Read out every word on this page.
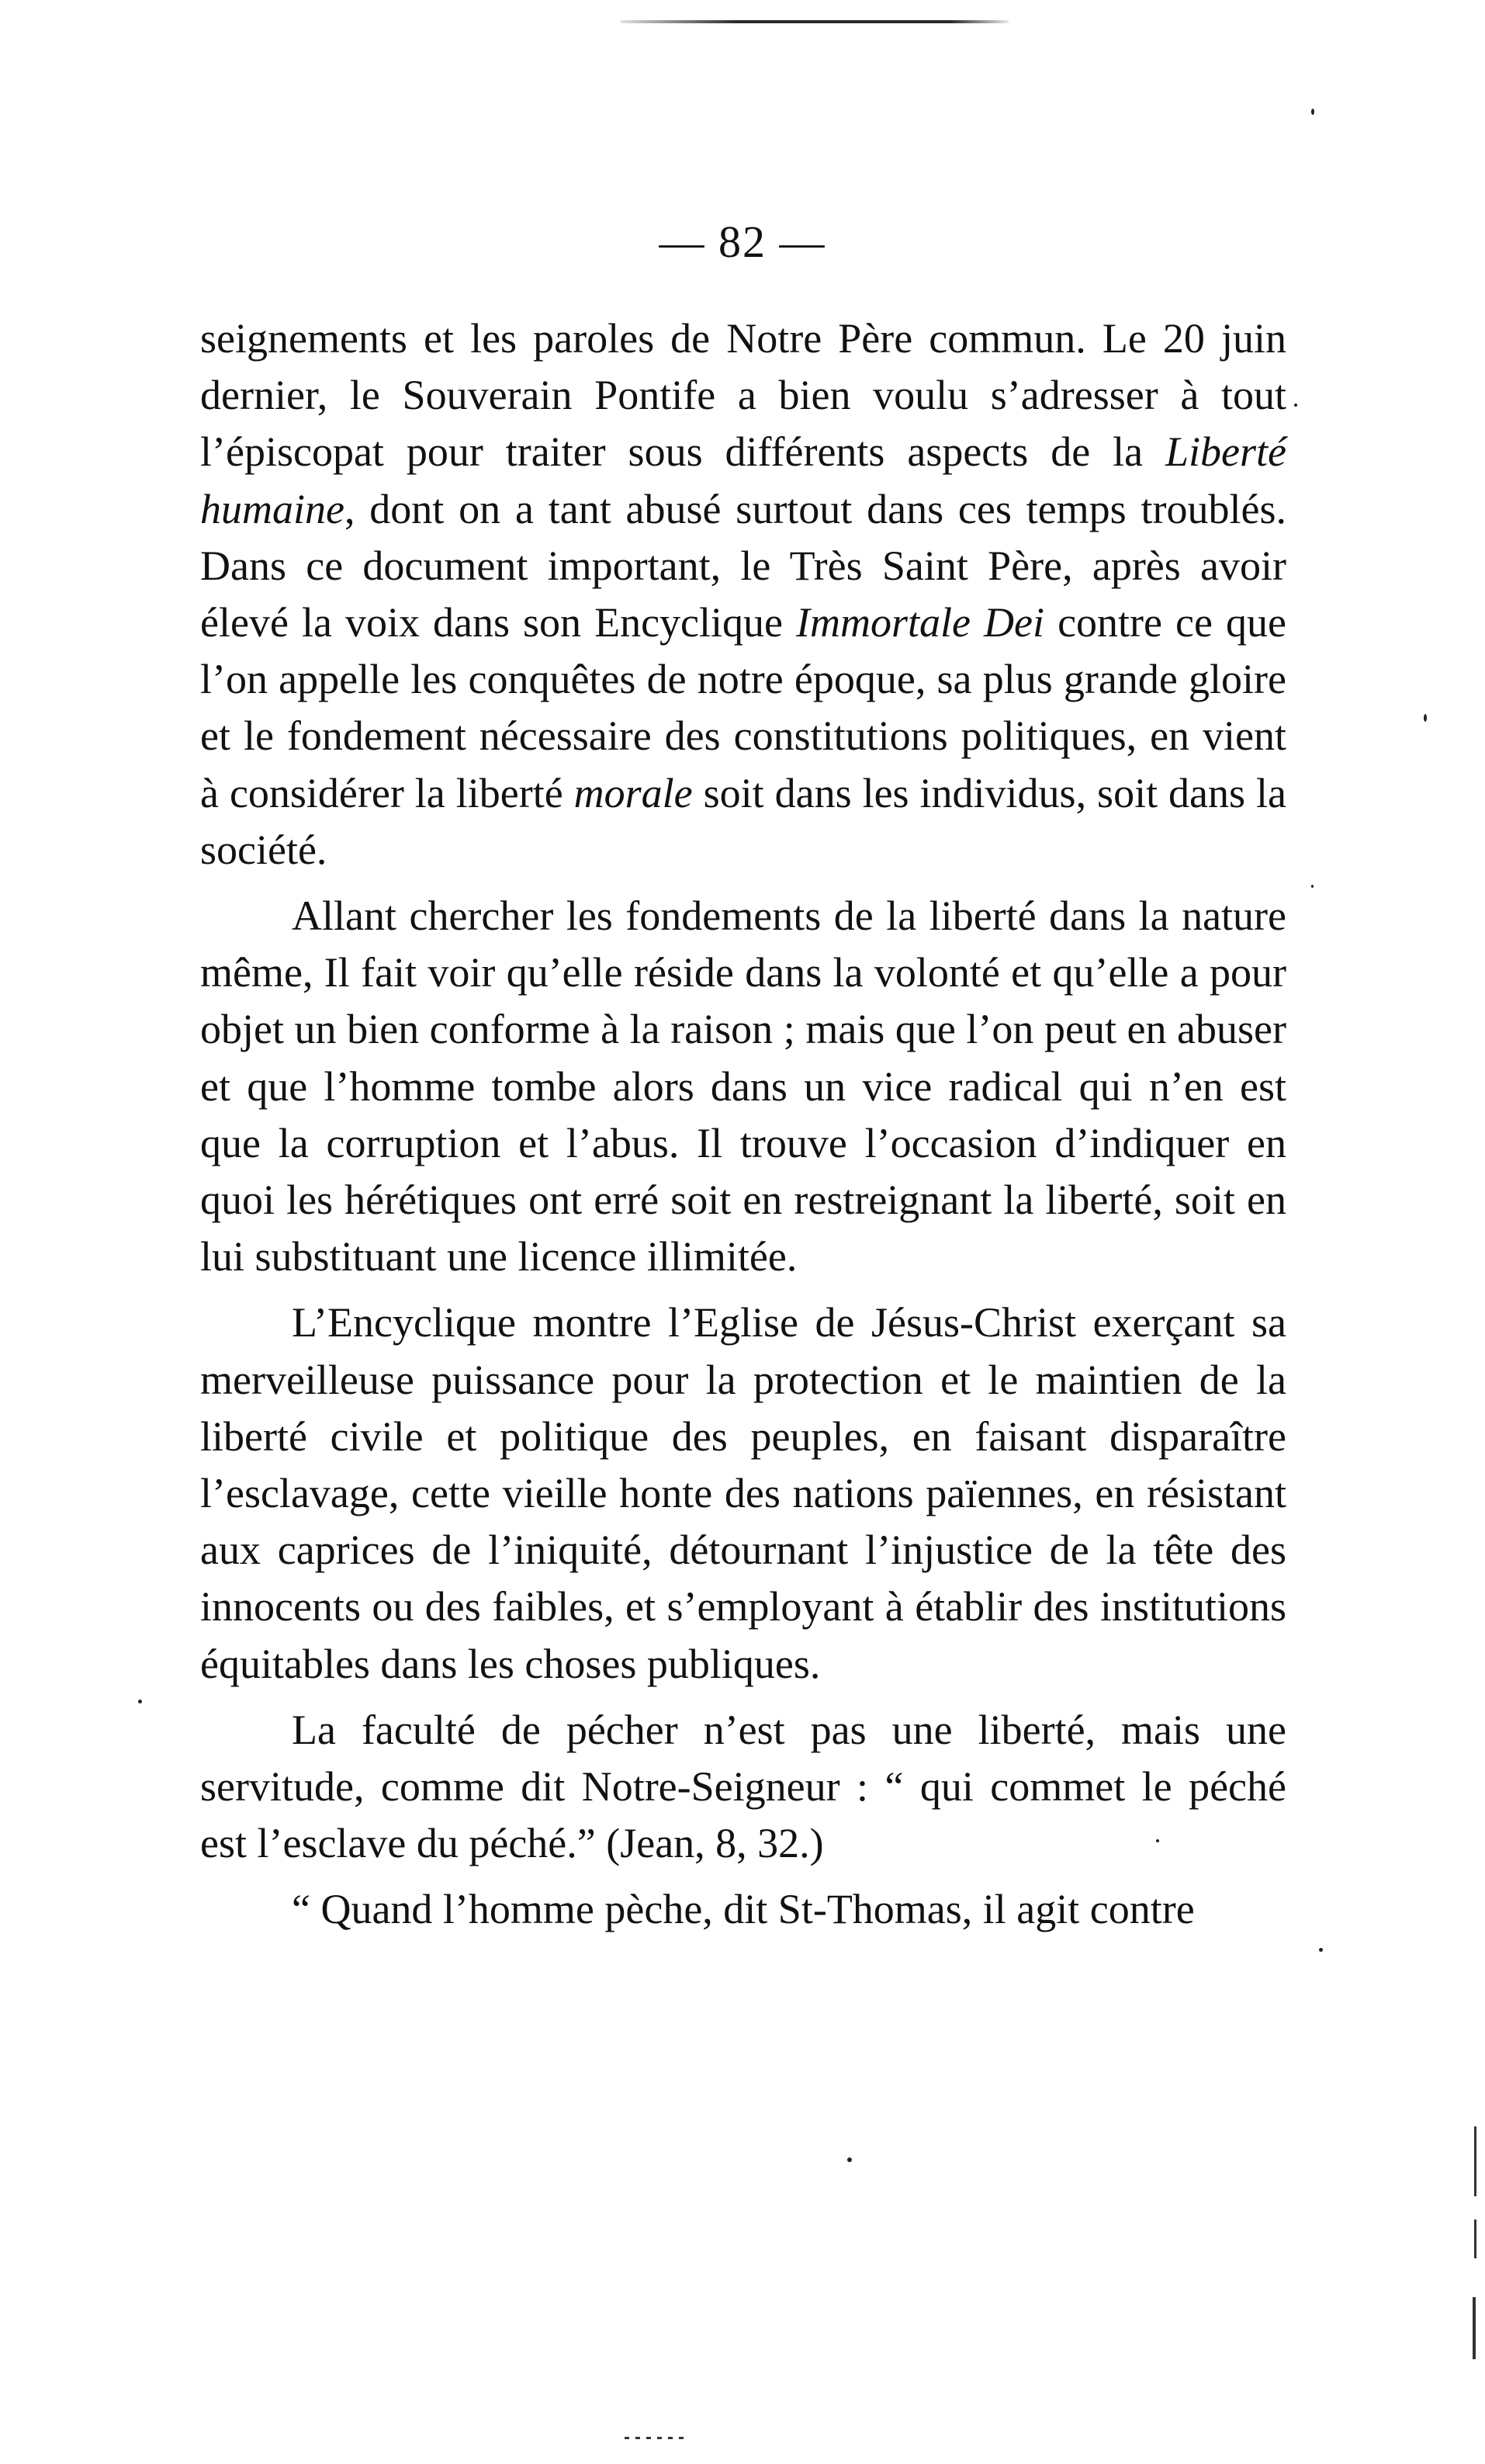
— 82 —

seignements et les paroles de Notre Père commun. Le 20 juin dernier, le Souverain Pontife a bien voulu s’adresser à tout l’épiscopat pour traiter sous différents aspects de la Liberté humaine, dont on a tant abusé surtout dans ces temps troublés. Dans ce document important, le Très Saint Père, après avoir élevé la voix dans son Encyclique Immortale Dei contre ce que l’on appelle les conquêtes de notre époque, sa plus grande gloire et le fondement nécessaire des constitutions politiques, en vient à considérer la liberté morale soit dans les individus, soit dans la société.

Allant chercher les fondements de la liberté dans la nature même, Il fait voir qu’elle réside dans la volonté et qu’elle a pour objet un bien conforme à la raison ; mais que l’on peut en abuser et que l’homme tombe alors dans un vice radical qui n’en est que la corruption et l’abus. Il trouve l’occasion d’indiquer en quoi les hérétiques ont erré soit en restreignant la liberté, soit en lui substituant une licence illimitée.

L’Encyclique montre l’Eglise de Jésus-Christ exerçant sa merveilleuse puissance pour la protection et le maintien de la liberté civile et politique des peuples, en faisant disparaître l’esclavage, cette vieille honte des nations païennes, en résistant aux caprices de l’iniquité, détournant l’injustice de la tête des innocents ou des faibles, et s’employant à établir des institutions équitables dans les choses publiques.

La faculté de pécher n’est pas une liberté, mais une servitude, comme dit Notre-Seigneur : “ qui commet le péché est l’esclave du péché.” (Jean, 8, 32.)

“ Quand l’homme pèche, dit St-Thomas, il agit contre
